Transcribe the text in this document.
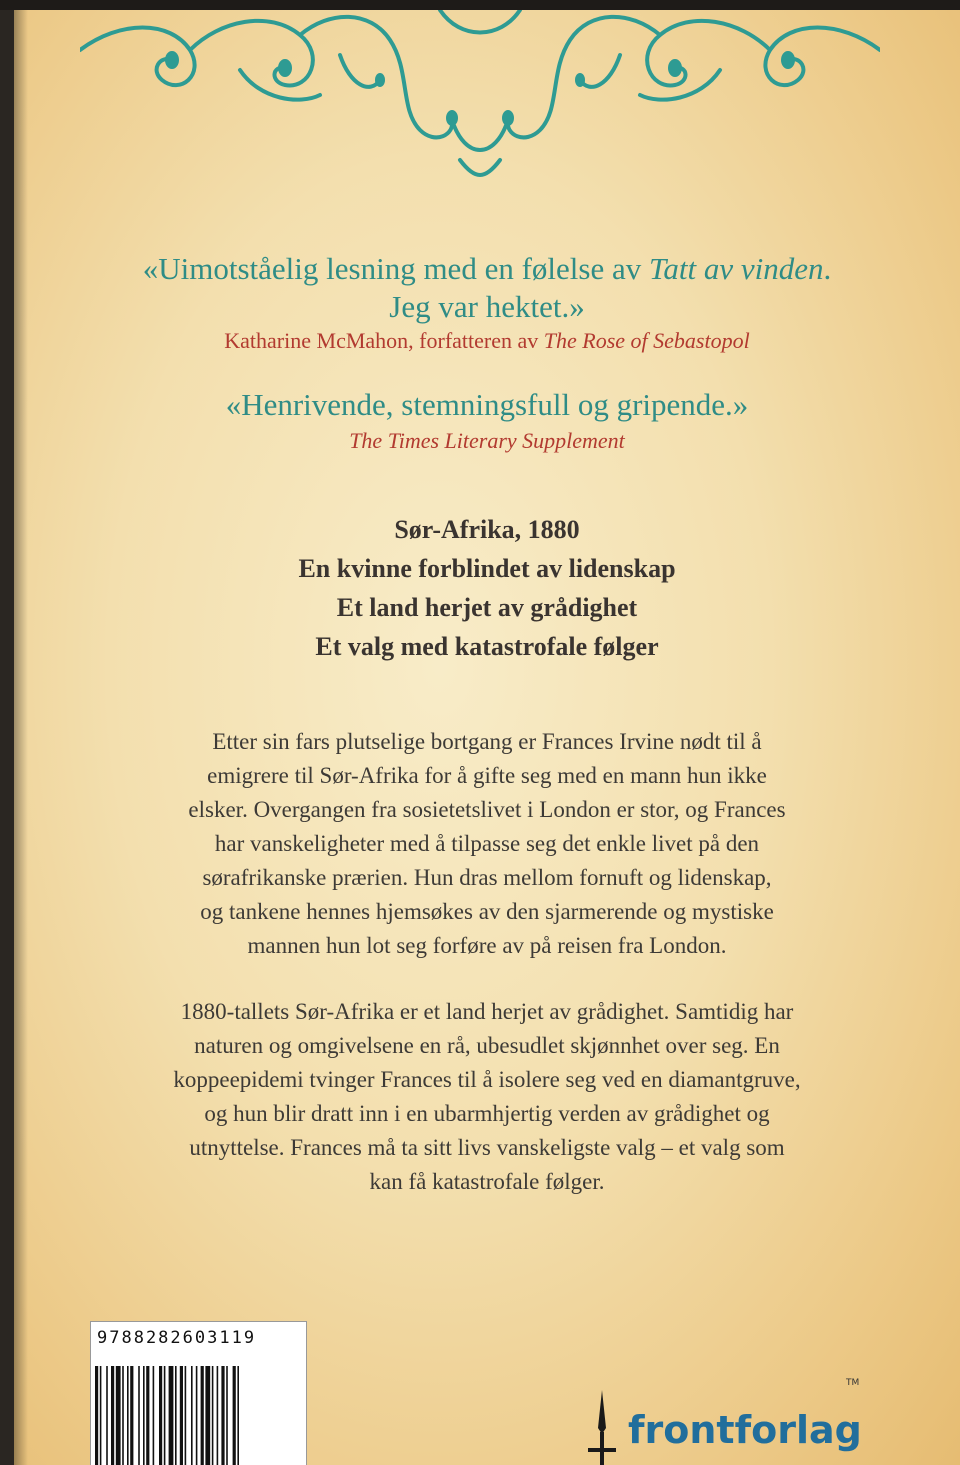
«Uimotståelig lesning med en følelse av Tatt av vinden.
Jeg var hektet.»
Katharine McMahon, forfatteren av The Rose of Sebastopol
«Henrivende, stemningsfull og gripende.»
The Times Literary Supplement
Sør-Afrika, 1880
En kvinne forblindet av lidenskap
Et land herjet av grådighet
Et valg med katastrofale følger
Etter sin fars plutselige bortgang er Frances Irvine nødt til å
emigrere til Sør-Afrika for å gifte seg med en mann hun ikke
elsker. Overgangen fra sosietetslivet i London er stor, og Frances
har vanskeligheter med å tilpasse seg det enkle livet på den
sørafrikanske prærien. Hun dras mellom fornuft og lidenskap,
og tankene hennes hjemsøkes av den sjarmerende og mystiske
mannen hun lot seg forføre av på reisen fra London.
1880-tallets Sør-Afrika er et land herjet av grådighet. Samtidig har
naturen og omgivelsene en rå, ubesudlet skjønnhet over seg. En
koppeepidemi tvinger Frances til å isolere seg ved en diamantgruve,
og hun blir dratt inn i en ubarmhjertig verden av grådighet og
utnyttelse. Frances må ta sitt livs vanskeligste valg – et valg som
kan få katastrofale følger.
9788282603119
frontforlag
TM
